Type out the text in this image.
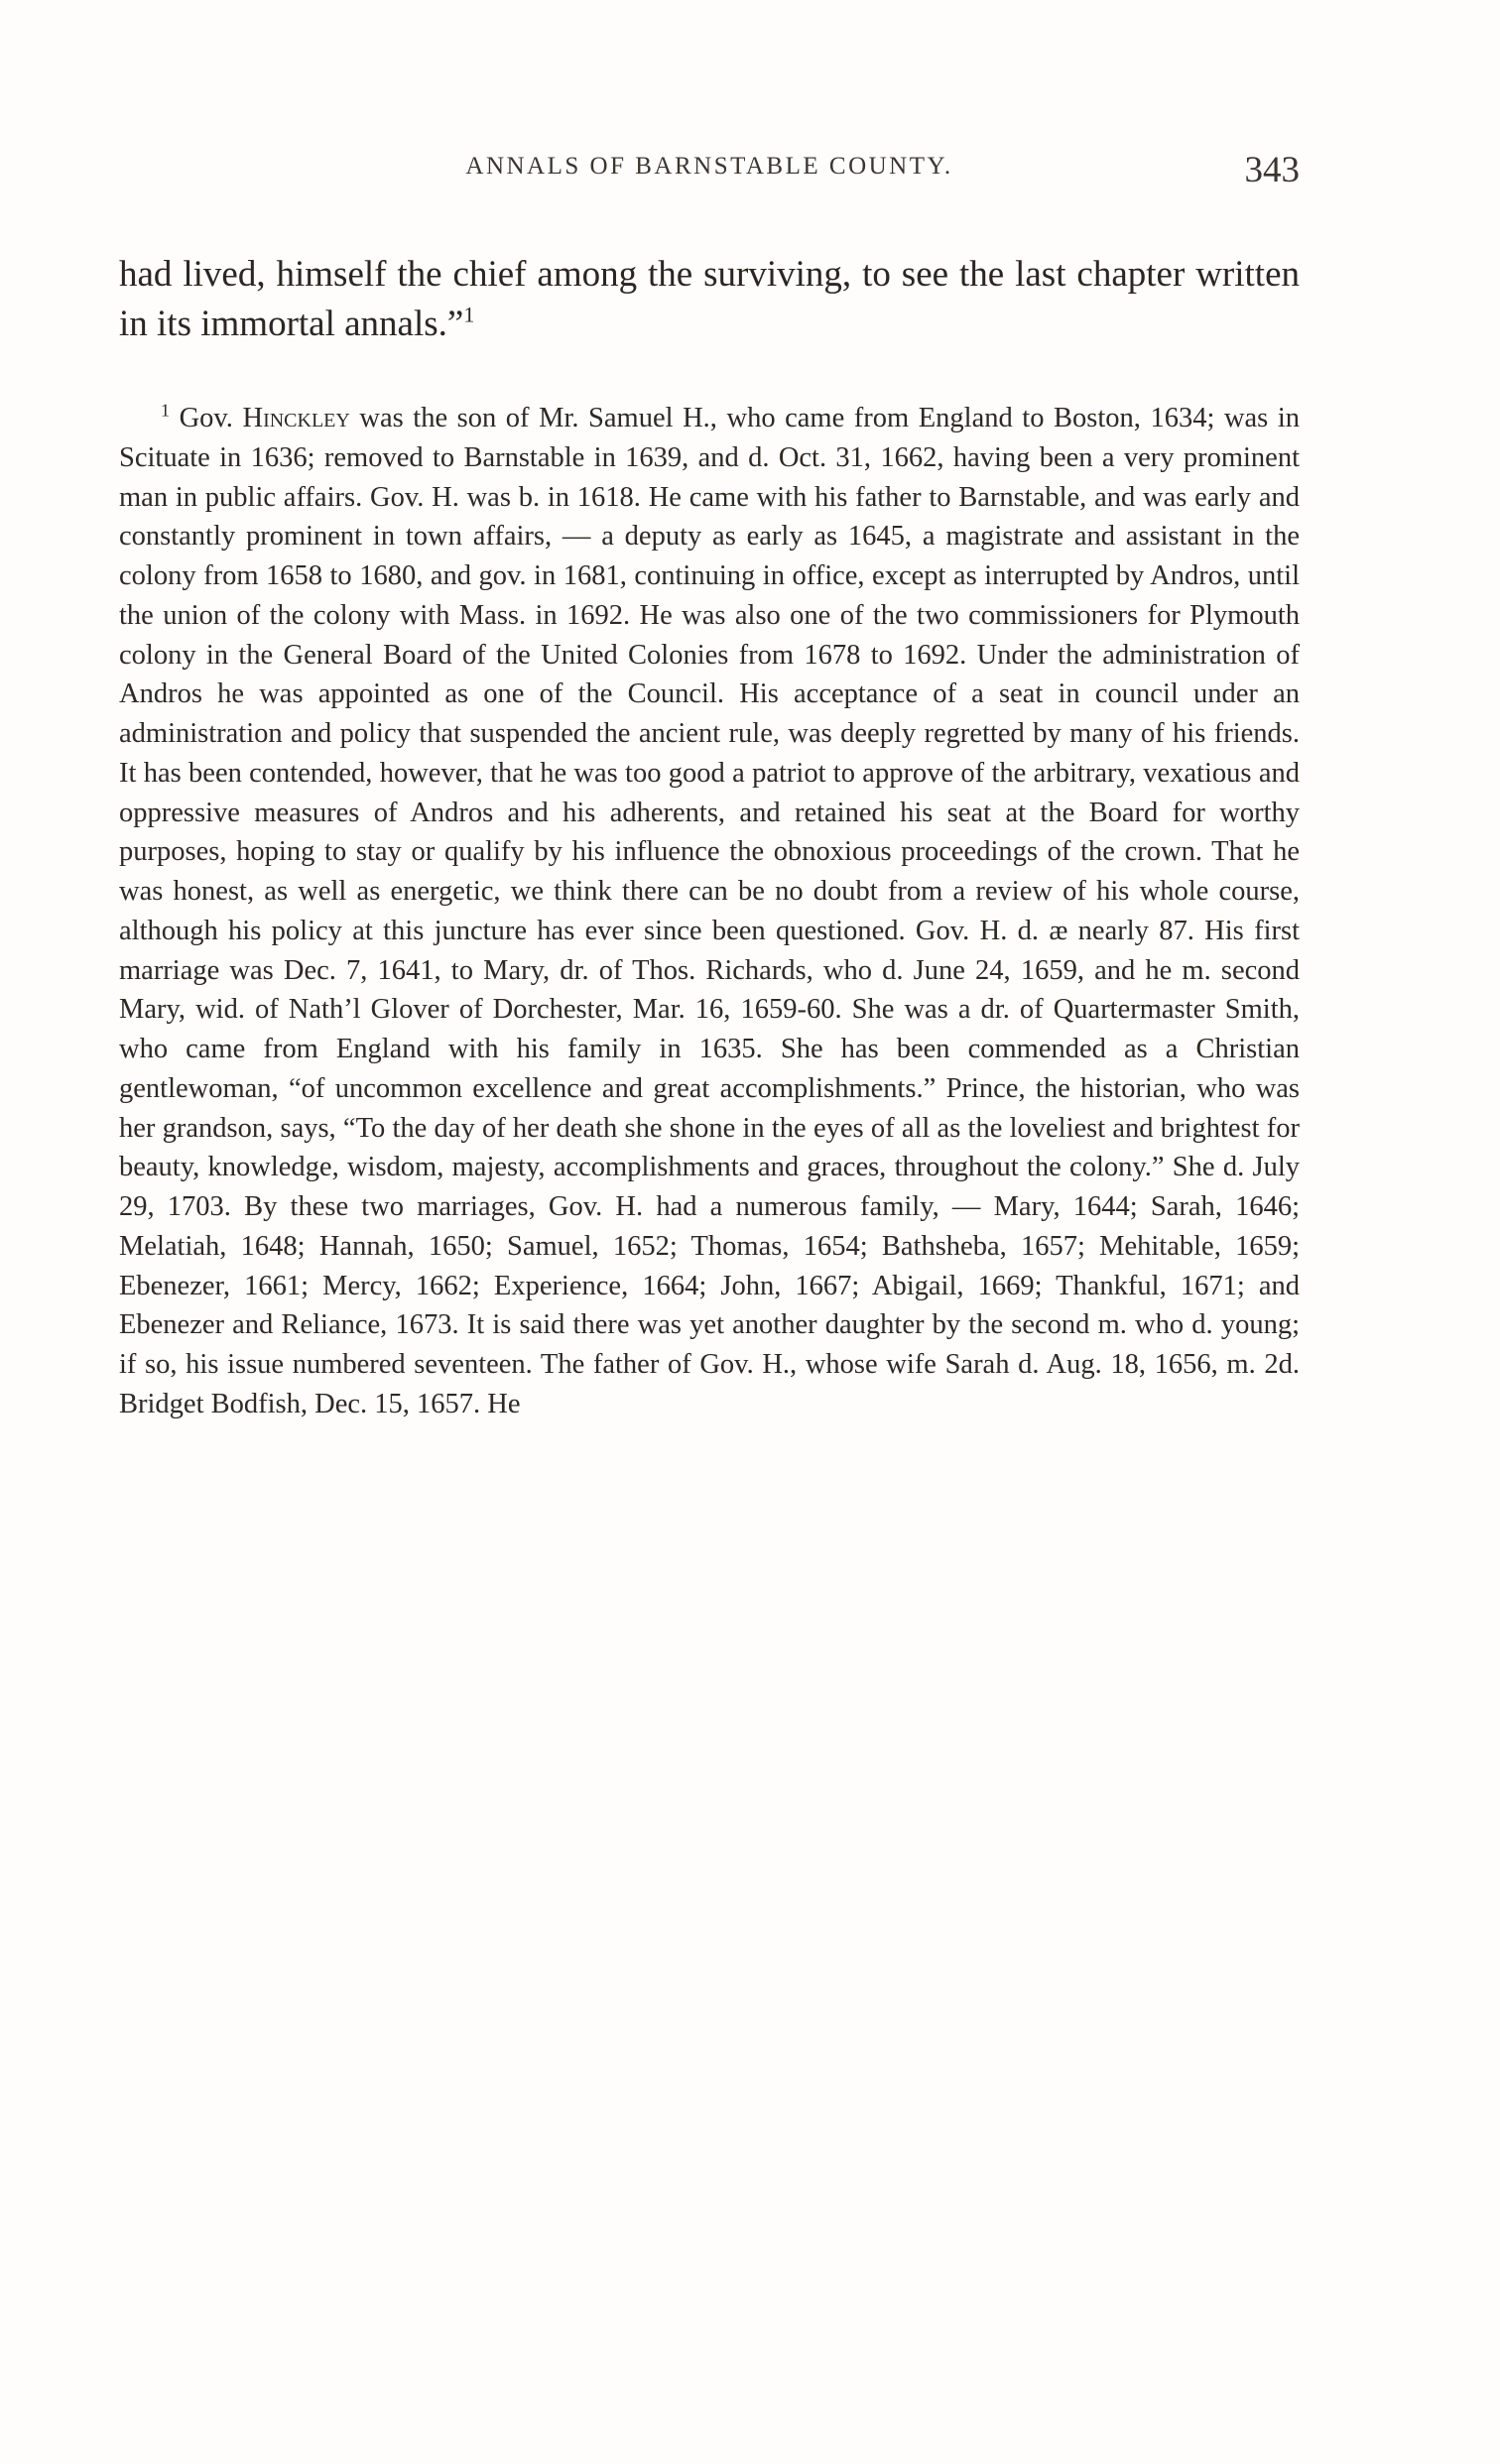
ANNALS OF BARNSTABLE COUNTY.	343

had lived, himself the chief among the surviving, to see the last chapter written in its immortal annals.”$^1$

$^1$ Gov. Hinckley was the son of Mr. Samuel H., who came from England to Boston, 1634; was in Scituate in 1636; removed to Barnstable in 1639, and d. Oct. 31, 1662, having been a very prominent man in public affairs. Gov. H. was b. in 1618. He came with his father to Barnstable, and was early and constantly prominent in town affairs, — a deputy as early as 1645, a magistrate and assistant in the colony from 1658 to 1680, and gov. in 1681, continuing in office, except as interrupted by Andros, until the union of the colony with Mass. in 1692. He was also one of the two commissioners for Plymouth colony in the General Board of the United Colonies from 1678 to 1692. Under the administration of Andros he was appointed as one of the Council. His acceptance of a seat in council under an administration and policy that suspended the ancient rule, was deeply regretted by many of his friends. It has been contended, however, that he was too good a patriot to approve of the arbitrary, vexatious and oppressive measures of Andros and his adherents, and retained his seat at the Board for worthy purposes, hoping to stay or qualify by his influence the obnoxious proceedings of the crown. That he was honest, as well as energetic, we think there can be no doubt from a review of his whole course, although his policy at this juncture has ever since been questioned. Gov. H. d. æ nearly 87. His first marriage was Dec. 7, 1641, to Mary, dr. of Thos. Richards, who d. June 24, 1659, and he m. second Mary, wid. of Nath’l Glover of Dorchester, Mar. 16, 1659-60. She was a dr. of Quartermaster Smith, who came from England with his family in 1635. She has been commended as a Christian gentlewoman, “of uncommon excellence and great accomplishments.” Prince, the historian, who was her grandson, says, “To the day of her death she shone in the eyes of all as the loveliest and brightest for beauty, knowledge, wisdom, majesty, accomplishments and graces, throughout the colony.” She d. July 29, 1703. By these two marriages, Gov. H. had a numerous family, — Mary, 1644; Sarah, 1646; Melatiah, 1648; Hannah, 1650; Samuel, 1652; Thomas, 1654; Bathsheba, 1657; Mehitable, 1659; Ebenezer, 1661; Mercy, 1662; Experience, 1664; John, 1667; Abigail, 1669; Thankful, 1671; and Ebenezer and Reliance, 1673. It is said there was yet another daughter by the second m. who d. young; if so, his issue numbered seventeen. The father of Gov. H., whose wife Sarah d. Aug. 18, 1656, m. 2d. Bridget Bodfish, Dec. 15, 1657. He
